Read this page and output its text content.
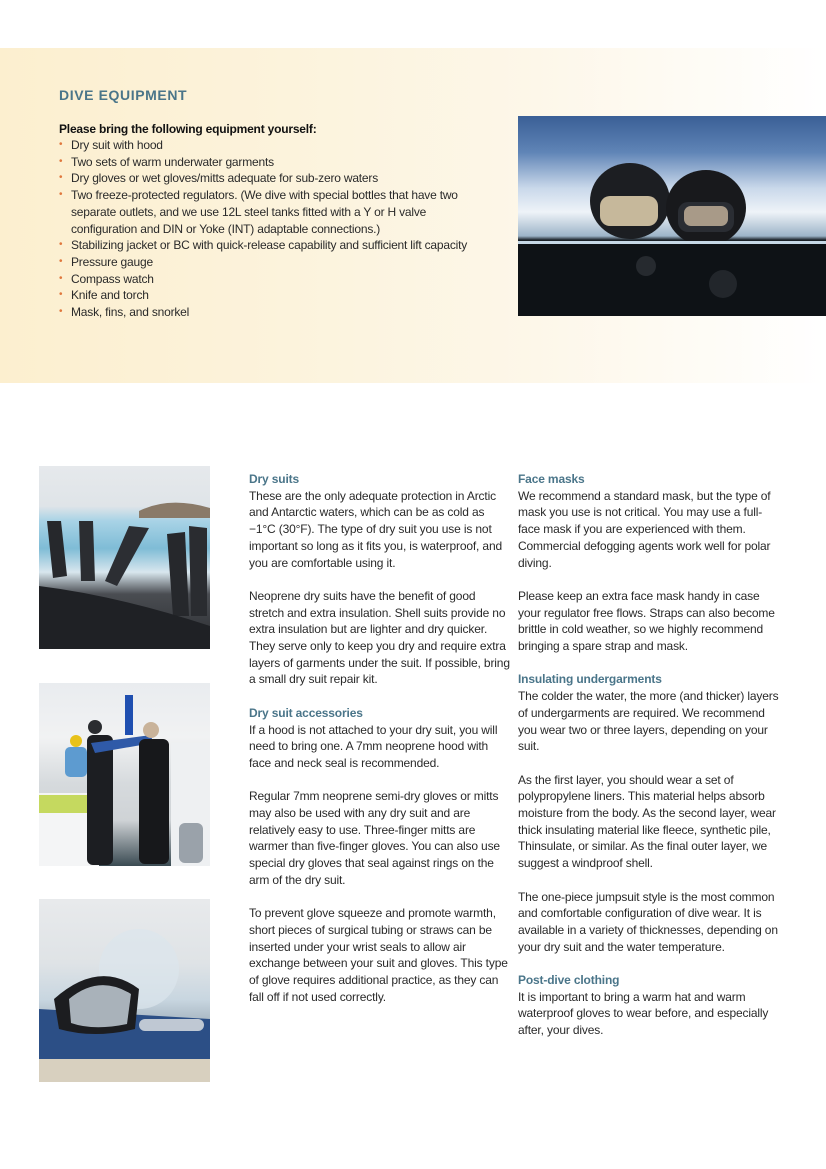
DIVE EQUIPMENT
Please bring the following equipment yourself:
• Dry suit with hood
• Two sets of warm underwater garments
• Dry gloves or wet gloves/mitts adequate for sub-zero waters
• Two freeze-protected regulators. (We dive with special bottles that have two separate outlets, and we use 12L steel tanks fitted with a Y or H valve configuration and DIN or Yoke (INT) adaptable connections.)
• Stabilizing jacket or BC with quick-release capability and sufficient lift capacity
• Pressure gauge
• Compass watch
• Knife and torch
• Mask, fins, and snorkel
Dry suits

These are the only adequate protection in Arctic and Antarctic waters, which can be as cold as −1°C (30°F). The type of dry suit you use is not important so long as it fits you, is waterproof, and you are comfortable using it.

Neoprene dry suits have the benefit of good stretch and extra insulation. Shell suits provide no extra insulation but are lighter and dry quicker. They serve only to keep you dry and require extra layers of garments under the suit. If possible, bring a small dry suit repair kit.

Dry suit accessories

If a hood is not attached to your dry suit, you will need to bring one. A 7mm neoprene hood with face and neck seal is recommended.

Regular 7mm neoprene semi-dry gloves or mitts may also be used with any dry suit and are relatively easy to use. Three-finger mitts are warmer than five-finger gloves. You can also use special dry gloves that seal against rings on the arm of the dry suit.

To prevent glove squeeze and promote warmth, short pieces of surgical tubing or straws can be inserted under your wrist seals to allow air exchange between your suit and gloves. This type of glove requires additional practice, as they can fall off if not used correctly.

Face masks

We recommend a standard mask, but the type of mask you use is not critical. You may use a full-face mask if you are experienced with them. Commercial defogging agents work well for polar diving.

Please keep an extra face mask handy in case your regulator free flows. Straps can also become brittle in cold weather, so we highly recommend bringing a spare strap and mask.

Insulating undergarments

The colder the water, the more (and thicker) layers of undergarments are required. We recommend you wear two or three layers, depending on your suit.

As the first layer, you should wear a set of polypropylene liners. This material helps absorb moisture from the body. As the second layer, wear thick insulating material like fleece, synthetic pile, Thinsulate, or similar. As the final outer layer, we suggest a windproof shell.

The one-piece jumpsuit style is the most common and comfortable configuration of dive wear. It is available in a variety of thicknesses, depending on your dry suit and the water temperature.

Post-dive clothing

It is important to bring a warm hat and warm waterproof gloves to wear before, and especially after, your dives.
